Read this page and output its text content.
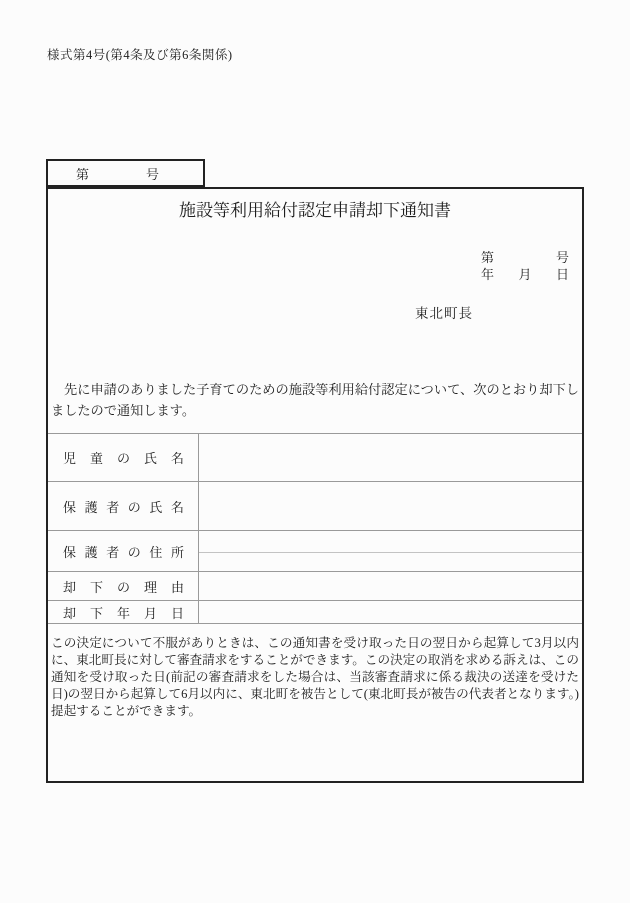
様式第4号(第4条及び第6条関係)
第	号
施設等利用給付認定申請却下通知書
第	号
年 月 日
東北町長
先に申請のありました子育てのための施設等利用給付認定について、次のとおり却下しましたので通知します。
児童の氏名
保護者の氏名
保護者の住所
却下の理由
却下年月日
この決定について不服がありときは、この通知書を受け取った日の翌日から起算して3月以内に、東北町長に対して審査請求をすることができます。この決定の取消を求める訴えは、この通知を受け取った日(前記の審査請求をした場合は、当該審査請求に係る裁決の送達を受けた日)の翌日から起算して6月以内に、東北町を被告として(東北町長が被告の代表者となります。)提起することができます。
